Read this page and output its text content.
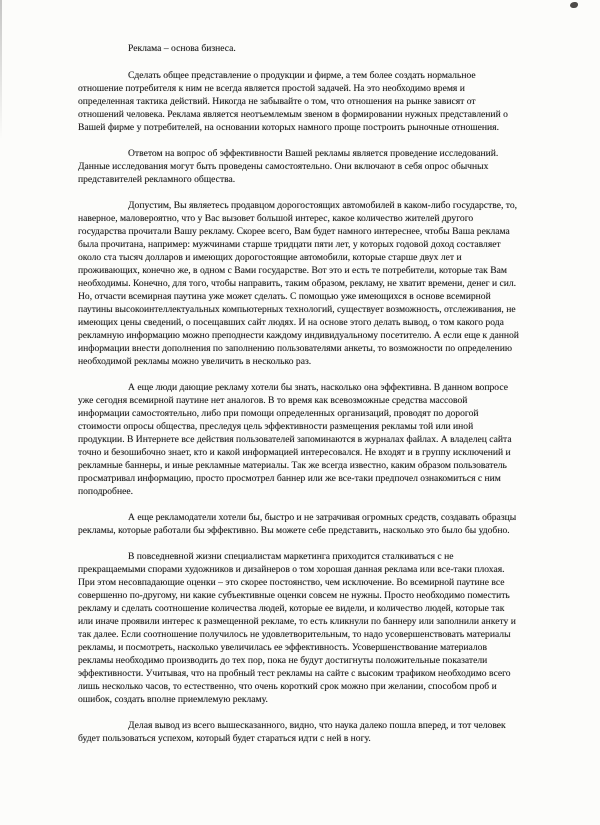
Реклама – основа бизнеса.

Сделать общее представление о продукции и фирме, а тем более создать нормальное отношение потребителя к ним не всегда является простой задачей. На это необходимо время и определенная тактика действий. Никогда не забывайте о том, что отношения на рынке зависят от отношений человека. Реклама является неотъемлемым звеном в формировании нужных представлений о Вашей фирме у потребителей, на основании которых намного проще построить рыночные отношения.

Ответом на вопрос об эффективности Вашей рекламы является проведение исследований. Данные исследования могут быть проведены самостоятельно. Они включают в себя опрос обычных представителей рекламного общества.

Допустим, Вы являетесь продавцом дорогостоящих автомобилей в каком-либо государстве, то, наверное, маловероятно, что у Вас вызовет большой интерес, какое количество жителей другого государства прочитали Вашу рекламу. Скорее всего, Вам будет намного интереснее, чтобы Ваша реклама была прочитана, например: мужчинами старше тридцати пяти лет, у которых годовой доход составляет около ста тысяч долларов и имеющих дорогостоящие автомобили, которые старше двух лет и проживающих, конечно же, в одном с Вами государстве. Вот это и есть те потребители, которые так Вам необходимы. Конечно, для того, чтобы направить, таким образом, рекламу, не хватит времени, денег и сил. Но, отчасти всемирная паутина уже может сделать. С помощью уже имеющихся в основе всемирной паутины высокоинтеллектуальных компьютерных технологий, существует возможность, отслеживания, не имеющих цены сведений, о посещавших сайт людях. И на основе этого делать вывод, о том какого рода рекламную информацию можно преподнести каждому индивидуальному посетителю. А если еще к данной информации внести дополнения по заполнению пользователями анкеты, то возможности по определению необходимой рекламы можно увеличить в несколько раз.

А еще люди дающие рекламу хотели бы знать, насколько она эффективна. В данном вопросе уже сегодня всемирной паутине нет аналогов. В то время как всевозможные средства массовой информации самостоятельно, либо при помощи определенных организаций, проводят по дорогой стоимости опросы общества, преследуя цель эффективности размещения рекламы той или иной продукции. В Интернете все действия пользователей запоминаются в журналах файлах. А владелец сайта точно и безошибочно знает, кто и какой информацией интересовался. Не входят и в группу исключений и рекламные баннеры, и иные рекламные материалы. Так же всегда известно, каким образом пользователь просматривал информацию, просто просмотрел баннер или же все-таки предпочел ознакомиться с ним поподробнее.

А еще рекламодатели хотели бы, быстро и не затрачивая огромных средств, создавать образцы рекламы, которые работали бы эффективно. Вы можете себе представить, насколько это было бы удобно.

В повседневной жизни специалистам маркетинга приходится сталкиваться с не прекращаемыми спорами художников и дизайнеров о том хорошая данная реклама или все-таки плохая. При этом несовпадающие оценки – это скорее постоянство, чем исключение. Во всемирной паутине все совершенно по-другому, ни какие субъективные оценки совсем не нужны. Просто необходимо поместить рекламу и сделать соотношение количества людей, которые ее видели, и количество людей, которые так или иначе проявили интерес к размещенной рекламе, то есть кликнули по баннеру или заполнили анкету и так далее. Если соотношение получилось не удовлетворительным, то надо усовершенствовать материалы рекламы, и посмотреть, насколько увеличилась ее эффективность. Усовершенствование материалов рекламы необходимо производить до тех пор, пока не будут достигнуты положительные показатели эффективности. Учитывая, что на пробный тест рекламы на сайте с высоким трафиком необходимо всего лишь несколько часов, то естественно, что очень короткий срок можно при желании, способом проб и ошибок, создать вполне приемлемую рекламу.

Делая вывод из всего вышесказанного, видно, что наука далеко пошла вперед, и тот человек будет пользоваться успехом, который будет стараться идти с ней в ногу.
